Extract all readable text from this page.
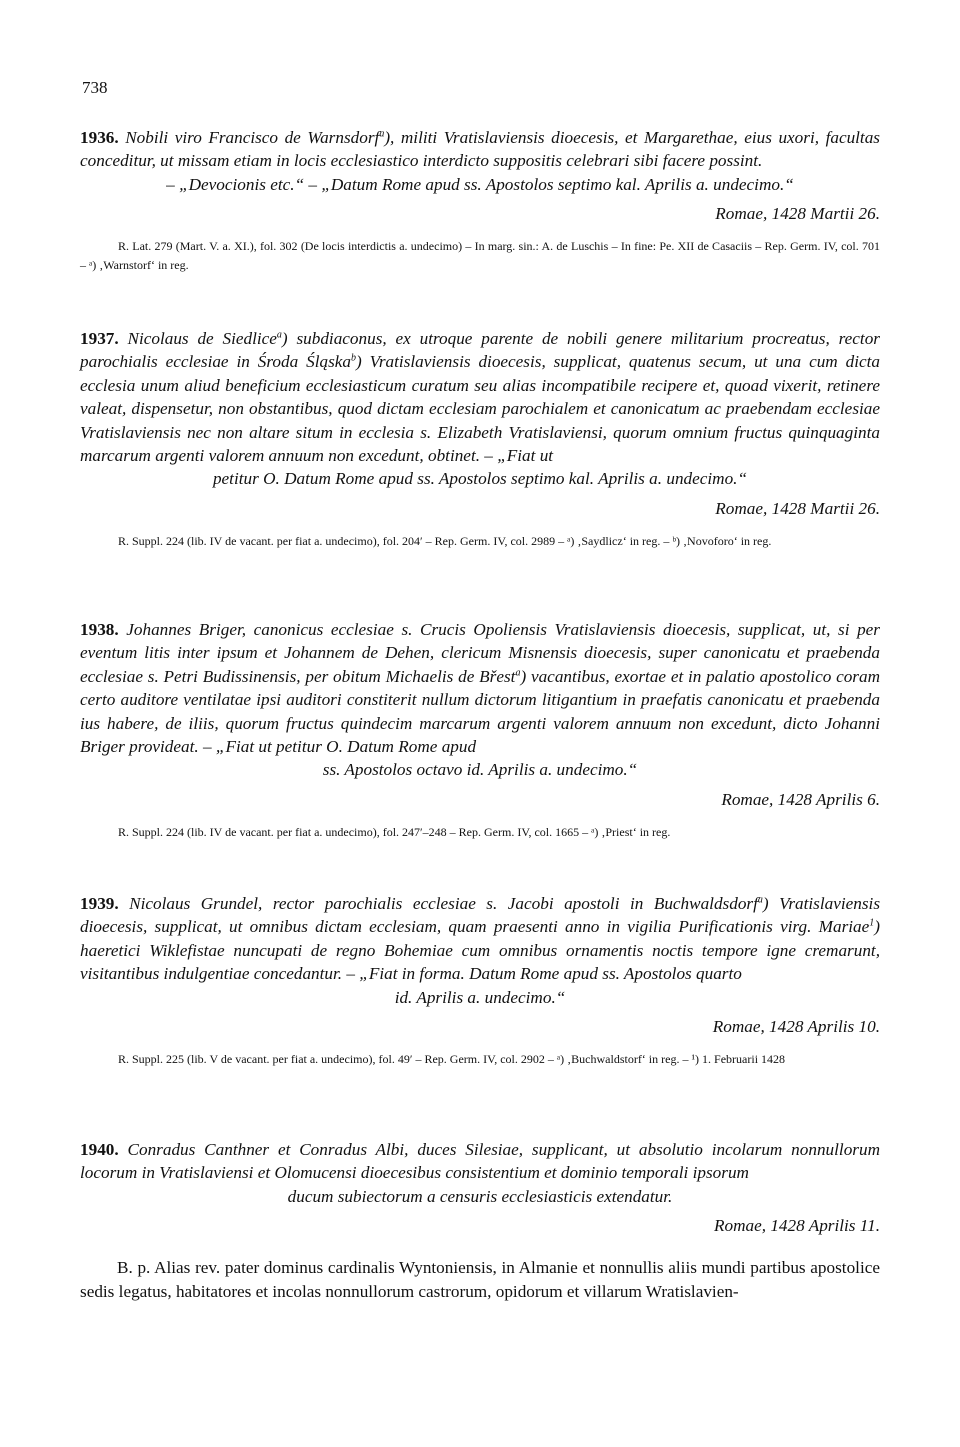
738
1936. Nobili viro Francisco de Warnsdorf$^a$), militi Vratislaviensis dioecesis, et Margarethae, eius uxori, facultas conceditur, ut missam etiam in locis ecclesiastico interdicto suppositis celebrari sibi facere possint.
– „Devocionis etc.“ – „Datum Rome apud ss. Apostolos septimo kal. Aprilis a. undecimo.“
Romae, 1428 Martii 26.
R. Lat. 279 (Mart. V. a. XI.), fol. 302 (De locis interdictis a. undecimo) – In marg. sin.: A. de Luschis – In fine: Pe. XII de Casaciis – Rep. Germ. IV, col. 701 – ᵃ) ‚Warnstorf‘ in reg.
1937. Nicolaus de Siedlice$^a$) subdiaconus, ex utroque parente de nobili genere militarium procreatus, rector parochialis ecclesiae in Środa Śląska$^b$) Vratislaviensis dioecesis, supplicat, quatenus secum, ut una cum dicta ecclesia unum aliud beneficium ecclesiasticum curatum seu alias incompatibile recipere et, quoad vixerit, retinere valeat, dispensetur, non obstantibus, quod dictam ecclesiam parochialem et canonicatum ac praebendam ecclesiae Vratislaviensis nec non altare situm in ecclesia s. Elizabeth Vratislaviensi, quorum omnium fructus quinquaginta marcarum argenti valorem annuum non excedunt, obtinet. – „Fiat ut
petitur O. Datum Rome apud ss. Apostolos septimo kal. Aprilis a. undecimo.“
Romae, 1428 Martii 26.
R. Suppl. 224 (lib. IV de vacant. per fiat a. undecimo), fol. 204′ – Rep. Germ. IV, col. 2989 – ᵃ) ‚Saydlicz‘ in reg. – ᵇ) ‚Novoforo‘ in reg.
1938. Johannes Briger, canonicus ecclesiae s. Crucis Opoliensis Vratislaviensis dioecesis, supplicat, ut, si per eventum litis inter ipsum et Johannem de Dehen, clericum Misnensis dioecesis, super canonicatu et praebenda ecclesiae s. Petri Budissinensis, per obitum Michaelis de Břest$^a$) vacantibus, exortae et in palatio apostolico coram certo auditore ventilatae ipsi auditori constiterit nullum dictorum litigantium in praefatis canonicatu et praebenda ius habere, de iliis, quorum fructus quindecim marcarum argenti valorem annuum non excedunt, dicto Johanni Briger provideat. – „Fiat ut petitur O. Datum Rome apud
ss. Apostolos octavo id. Aprilis a. undecimo.“
Romae, 1428 Aprilis 6.
R. Suppl. 224 (lib. IV de vacant. per fiat a. undecimo), fol. 247′–248 – Rep. Germ. IV, col. 1665 – ᵃ) ‚Priest‘ in reg.
1939. Nicolaus Grundel, rector parochialis ecclesiae s. Jacobi apostoli in Buchwaldsdorf$^a$) Vratislaviensis dioecesis, supplicat, ut omnibus dictam ecclesiam, quam praesenti anno in vigilia Purificationis virg. Mariae$^1$) haeretici Wiklefistae nuncupati de regno Bohemiae cum omnibus ornamentis noctis tempore igne cremarunt, visitantibus indulgentiae concedantur. – „Fiat in forma. Datum Rome apud ss. Apostolos quarto
id. Aprilis a. undecimo.“
Romae, 1428 Aprilis 10.
R. Suppl. 225 (lib. V de vacant. per fiat a. undecimo), fol. 49′ – Rep. Germ. IV, col. 2902 – ᵃ) ‚Buchwaldstorf‘ in reg. – ¹) 1. Februarii 1428
1940. Conradus Canthner et Conradus Albi, duces Silesiae, supplicant, ut absolutio incolarum nonnullorum locorum in Vratislaviensi et Olomucensi dioecesibus consistentium et dominio temporali ipsorum
ducum subiectorum a censuris ecclesiasticis extendatur.
Romae, 1428 Aprilis 11.
B. p. Alias rev. pater dominus cardinalis Wyntoniensis, in Almanie et nonnullis aliis mundi partibus apostolice sedis legatus, habitatores et incolas nonnullorum castrorum, opidorum et villarum Wratislavien-
